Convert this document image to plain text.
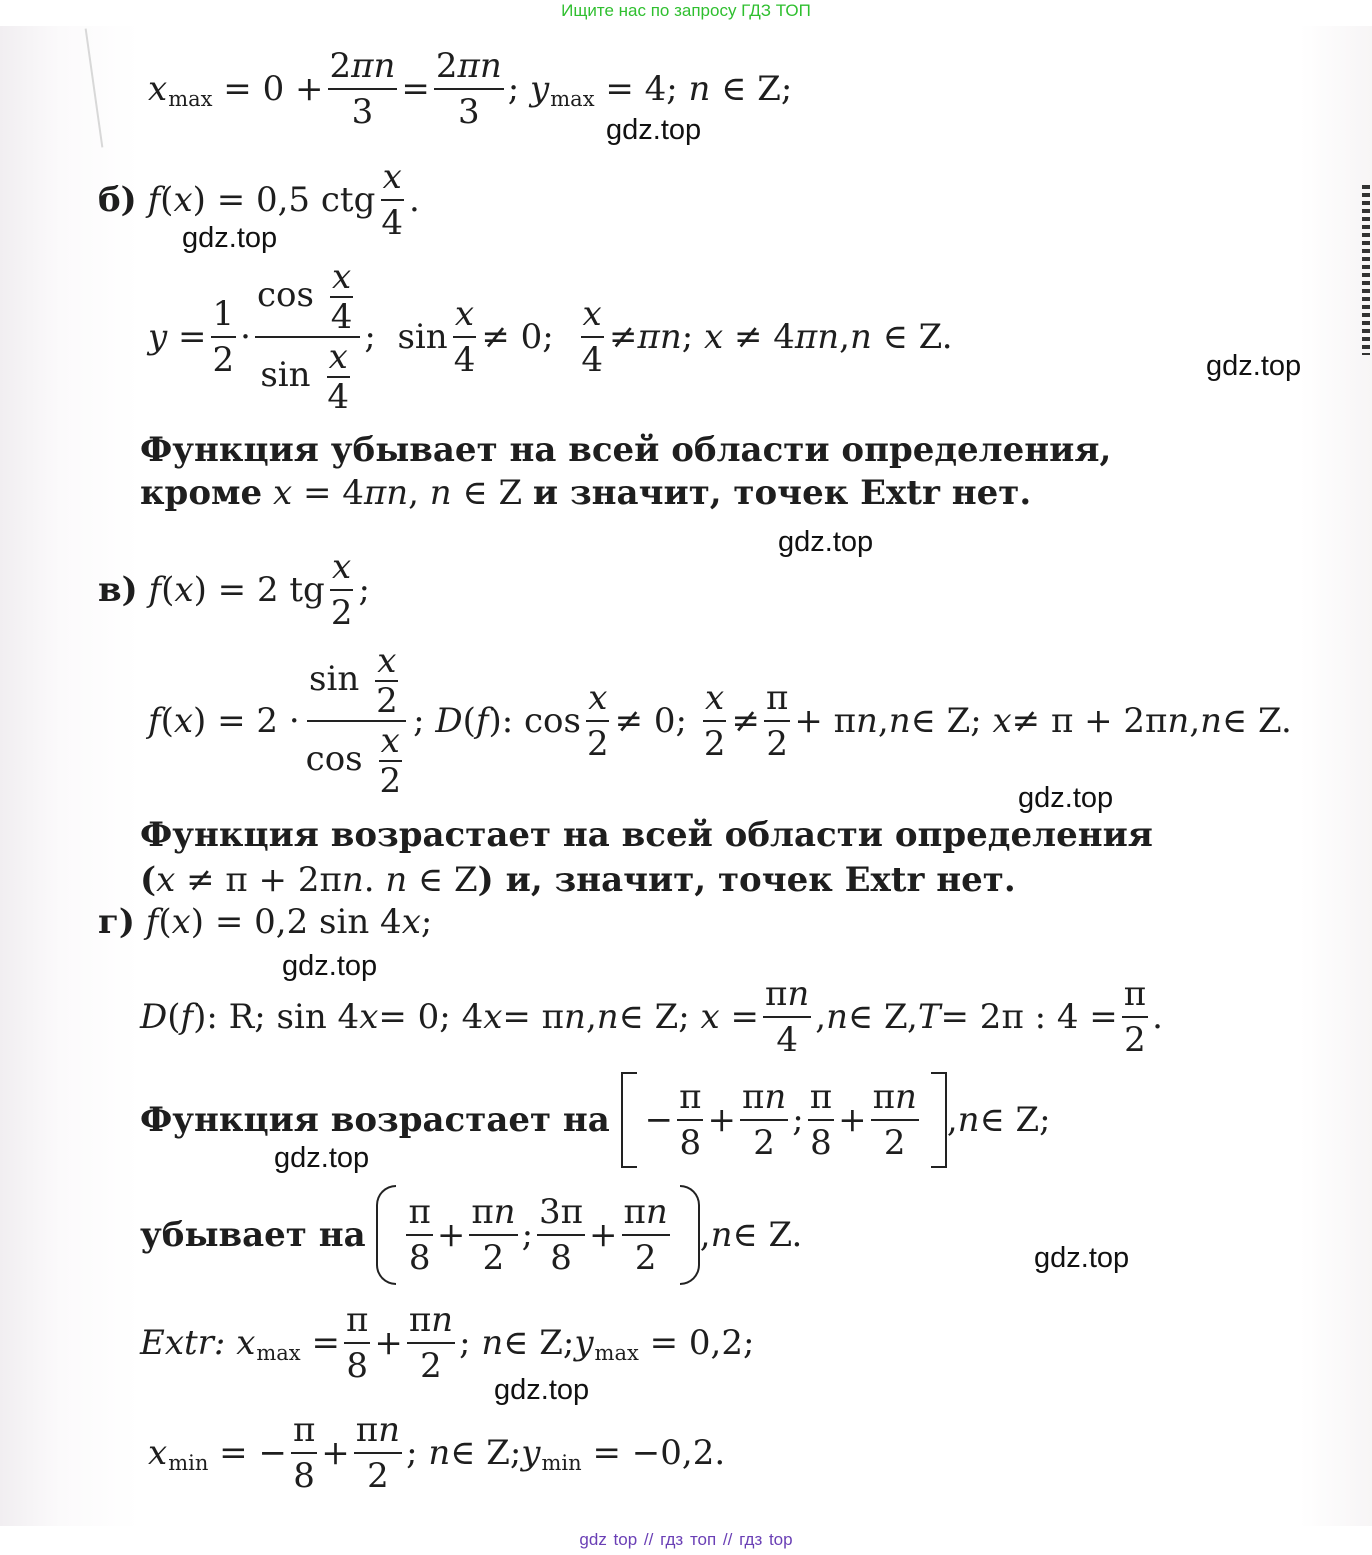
Ищите нас по запросу ГДЗ ТОП
x $\max = 0 + \frac{2\pi n}{3} = \frac{2\pi n}{3}$ ; y max = 4; n ∈ Z;
б)
f ( x ) = 0,5 ctg $\frac{x}{4}$ .
$y = \frac{1}{2} \cdot \frac{\cos \frac{x}{4}}{\sin \frac{x}{4}}$ ;  $\sin \frac{x}{4} \ne 0$; $\frac{x}{4} \ne \pi n$ ; x ≠ 4 πn , n ∈ Z.
Функция убывает на всей области определения,
кроме x = 4πn, n ∈ Z и значит, точек Extr нет.
в)
f ( x ) = 2 tg $\frac{x}{2}$ ;
f ( x ) = $2 \cdot \frac{\sin \frac{x}{2}}{\cos \frac{x}{2}}$ ; D ( f ): $\cos \frac{x}{2} \ne 0$; $\frac{x}{2} \ne \frac{\pi}{2} + \pi$ n , n ∈ Z; x ≠ π + 2π n , n ∈ Z.
Функция возрастает на всей области определения
(x ≠ π + 2πn. n ∈ Z) и, значит, точек Extr нет.
г) f(x) = 0,2 sin 4x;
D ( f ): R; sin 4 x = 0; 4 x = π n , n ∈ Z; $x = \frac{\pi n}{4}$ , n ∈ Z, T = 2π : $4 = \frac{\pi}{2}$ .
Функция возрастает на
− $\frac{\pi}{8} + \frac{\pi n}{2}$ ; $\frac{\pi}{8} + \frac{\pi n}{2}$ , n ∈ Z;
убывает на
$\frac{\pi}{8} + \frac{\pi n}{2}$ ; $\frac{3\pi}{8} + \frac{\pi n}{2}$ , n ∈ Z.
Extr:
x $\max = \frac{\pi}{8} + \frac{\pi n}{2}$ ; n ∈ Z; y max = 0,2;
x min = − $\frac{\pi}{8} + \frac{\pi n}{2}$ ; n ∈ Z; y min = −0,2.
gdz.top
gdz.top
gdz.top
gdz.top
gdz.top
gdz.top
gdz.top
gdz.top
gdz.top
gdz top // гдз топ // гдз top
